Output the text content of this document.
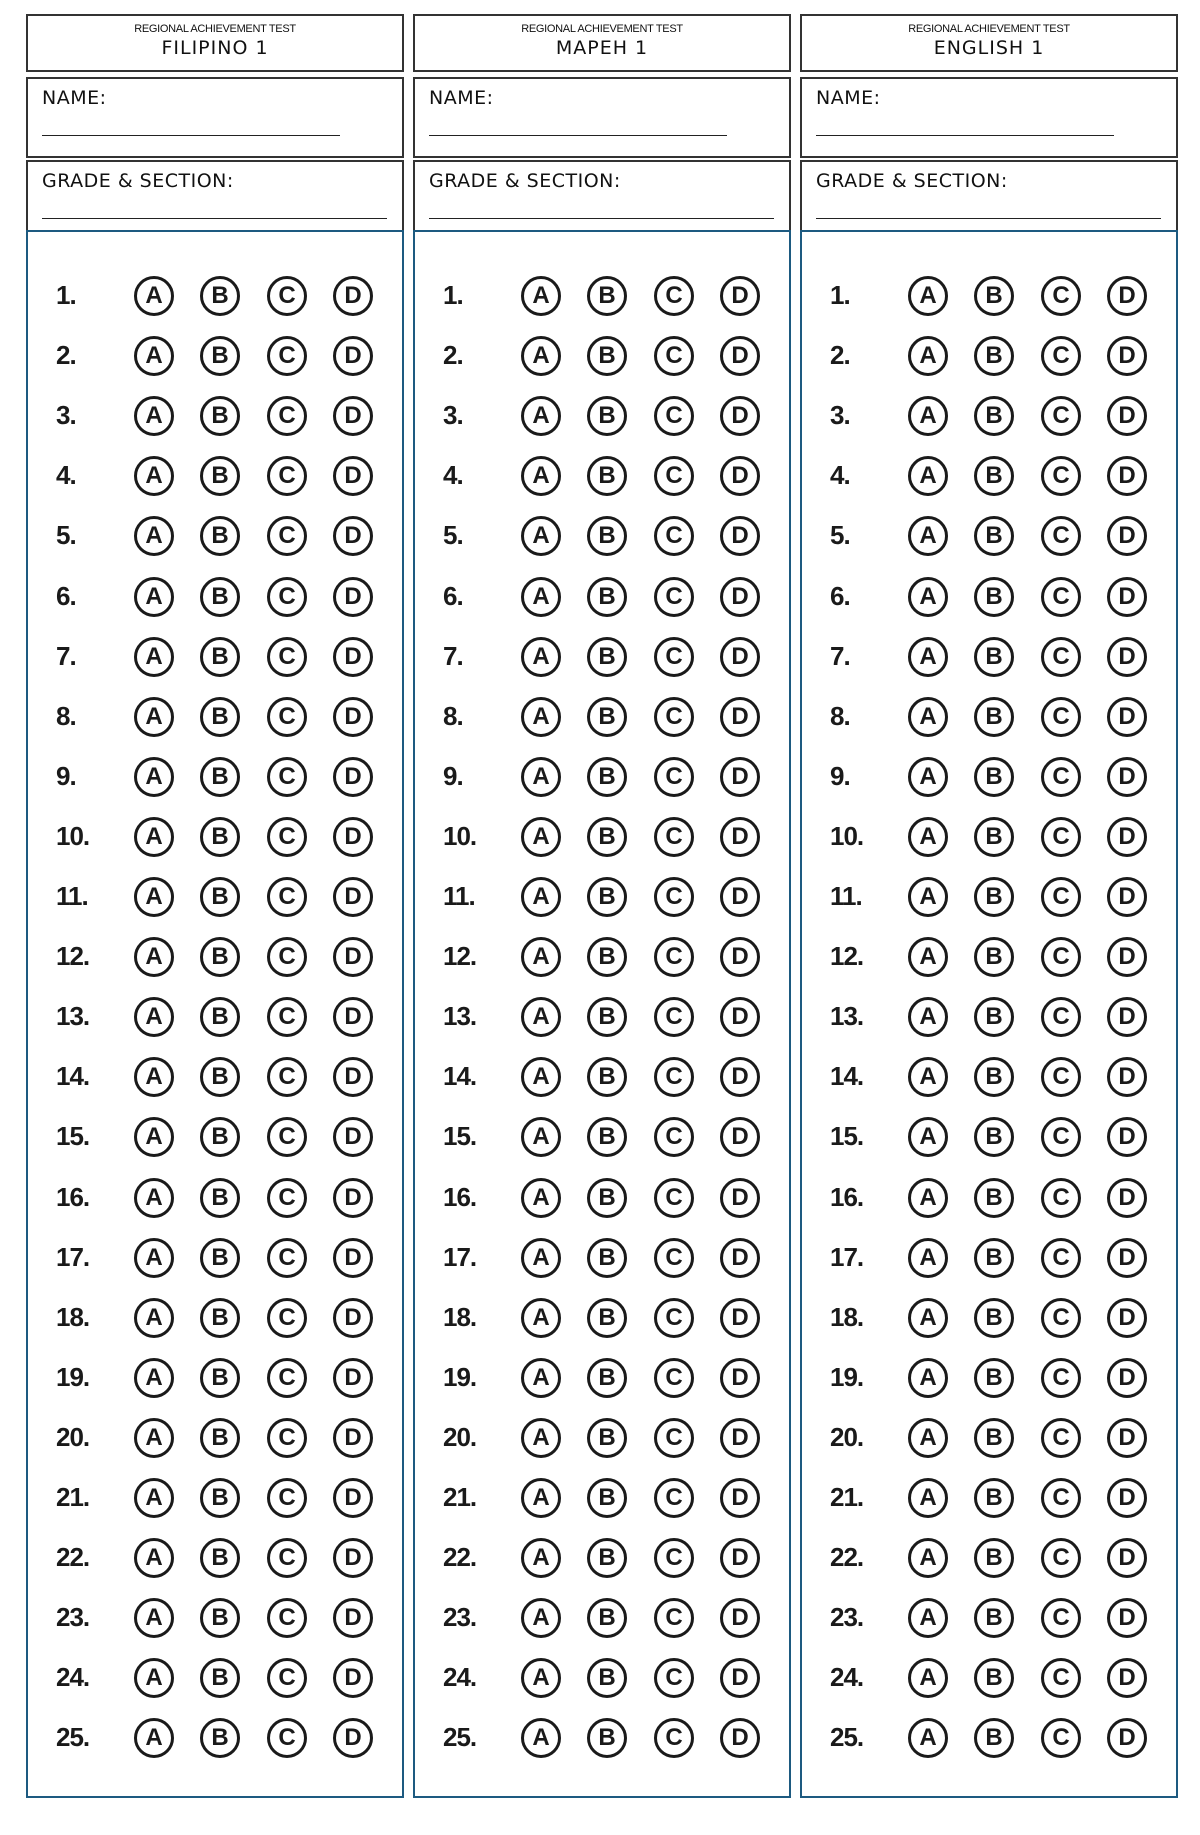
REGIONAL ACHIEVEMENT TEST
FILIPINO 1
NAME:
GRADE & SECTION:
1.	A	B	C	D
2.	A	B	C	D
3.	A	B	C	D
4.	A	B	C	D
5.	A	B	C	D
6.	A	B	C	D
7.	A	B	C	D
8.	A	B	C	D
9.	A	B	C	D
10.	A	B	C	D
11.	A	B	C	D
12.	A	B	C	D
13.	A	B	C	D
14.	A	B	C	D
15.	A	B	C	D
16.	A	B	C	D
17.	A	B	C	D
18.	A	B	C	D
19.	A	B	C	D
20.	A	B	C	D
21.	A	B	C	D
22.	A	B	C	D
23.	A	B	C	D
24.	A	B	C	D
25.	A	B	C	D
REGIONAL ACHIEVEMENT TEST
MAPEH 1
NAME:
GRADE & SECTION:
1.	A	B	C	D
2.	A	B	C	D
3.	A	B	C	D
4.	A	B	C	D
5.	A	B	C	D
6.	A	B	C	D
7.	A	B	C	D
8.	A	B	C	D
9.	A	B	C	D
10.	A	B	C	D
11.	A	B	C	D
12.	A	B	C	D
13.	A	B	C	D
14.	A	B	C	D
15.	A	B	C	D
16.	A	B	C	D
17.	A	B	C	D
18.	A	B	C	D
19.	A	B	C	D
20.	A	B	C	D
21.	A	B	C	D
22.	A	B	C	D
23.	A	B	C	D
24.	A	B	C	D
25.	A	B	C	D
REGIONAL ACHIEVEMENT TEST
ENGLISH 1
NAME:
GRADE & SECTION:
1.	A	B	C	D
2.	A	B	C	D
3.	A	B	C	D
4.	A	B	C	D
5.	A	B	C	D
6.	A	B	C	D
7.	A	B	C	D
8.	A	B	C	D
9.	A	B	C	D
10.	A	B	C	D
11.	A	B	C	D
12.	A	B	C	D
13.	A	B	C	D
14.	A	B	C	D
15.	A	B	C	D
16.	A	B	C	D
17.	A	B	C	D
18.	A	B	C	D
19.	A	B	C	D
20.	A	B	C	D
21.	A	B	C	D
22.	A	B	C	D
23.	A	B	C	D
24.	A	B	C	D
25.	A	B	C	D
